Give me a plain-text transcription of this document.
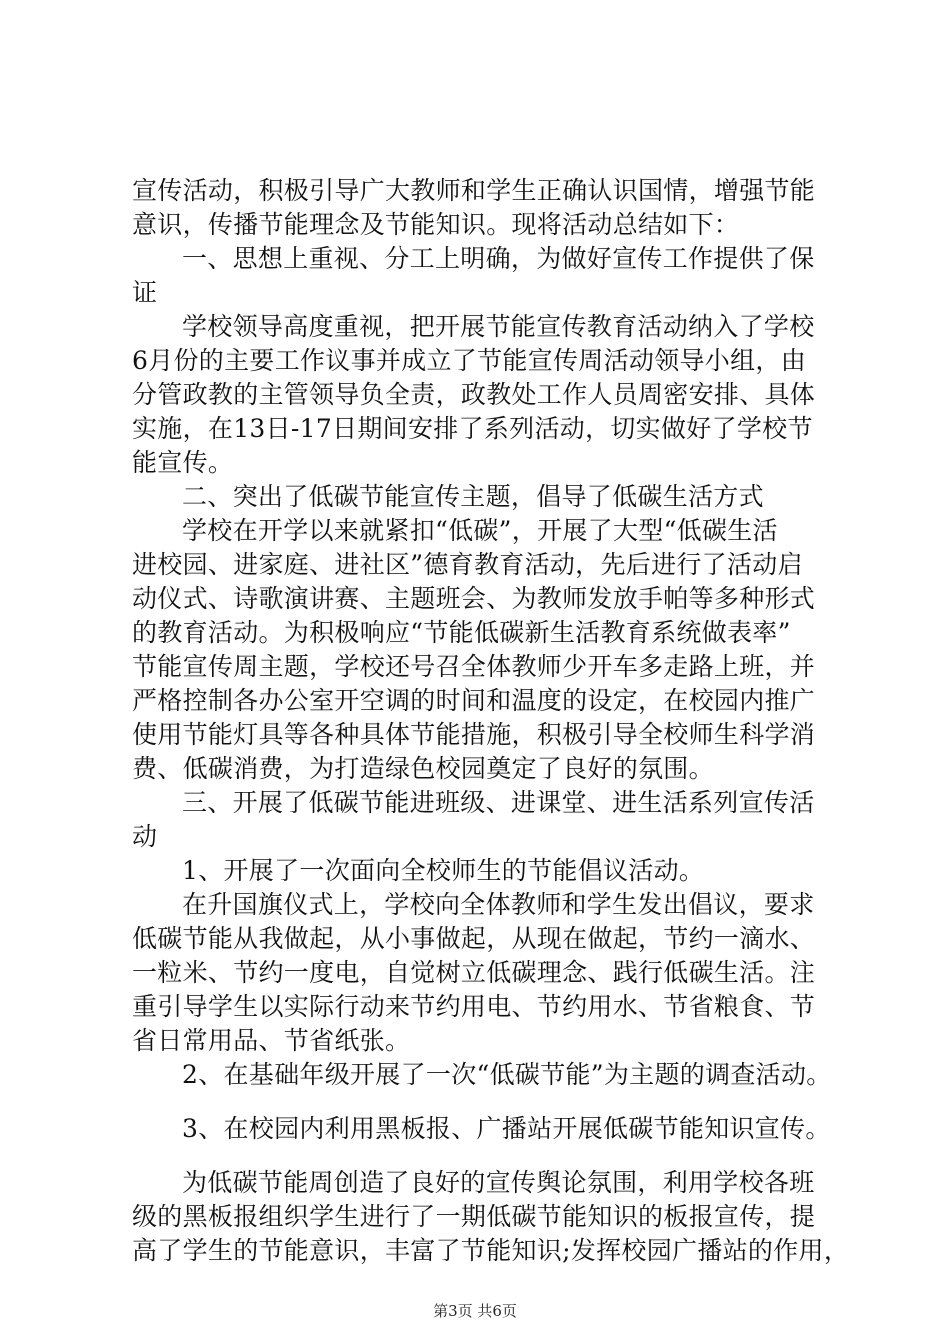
宣传活动，积极引导广大教师和学生正确认识国情，增强节能
意识，传播节能理念及节能知识。现将活动总结如下：
一、思想上重视、分工上明确，为做好宣传工作提供了保
证
学校领导高度重视，把开展节能宣传教育活动纳入了学校
6月份的主要工作议事并成立了节能宣传周活动领导小组，由
分管政教的主管领导负全责，政教处工作人员周密安排、具体
实施，在13日-17日期间安排了系列活动，切实做好了学校节
能宣传。
二、突出了低碳节能宣传主题，倡导了低碳生活方式
学校在开学以来就紧扣“低碳”，开展了大型“低碳生活
进校园、进家庭、进社区”德育教育活动，先后进行了活动启
动仪式、诗歌演讲赛、主题班会、为教师发放手帕等多种形式
的教育活动。为积极响应“节能低碳新生活教育系统做表率”
节能宣传周主题，学校还号召全体教师少开车多走路上班，并
严格控制各办公室开空调的时间和温度的设定，在校园内推广
使用节能灯具等各种具体节能措施，积极引导全校师生科学消
费、低碳消费，为打造绿色校园奠定了良好的氛围。
三、开展了低碳节能进班级、进课堂、进生活系列宣传活
动
1、开展了一次面向全校师生的节能倡议活动。
在升国旗仪式上，学校向全体教师和学生发出倡议，要求
低碳节能从我做起，从小事做起，从现在做起，节约一滴水、
一粒米、节约一度电，自觉树立低碳理念、践行低碳生活。注
重引导学生以实际行动来节约用电、节约用水、节省粮食、节
省日常用品、节省纸张。
2、在基础年级开展了一次“低碳节能”为主题的调查活动。
3、在校园内利用黑板报、广播站开展低碳节能知识宣传。
为低碳节能周创造了良好的宣传舆论氛围，利用学校各班
级的黑板报组织学生进行了一期低碳节能知识的板报宣传，提
高了学生的节能意识，丰富了节能知识;发挥校园广播站的作用，
第3页 共6页
